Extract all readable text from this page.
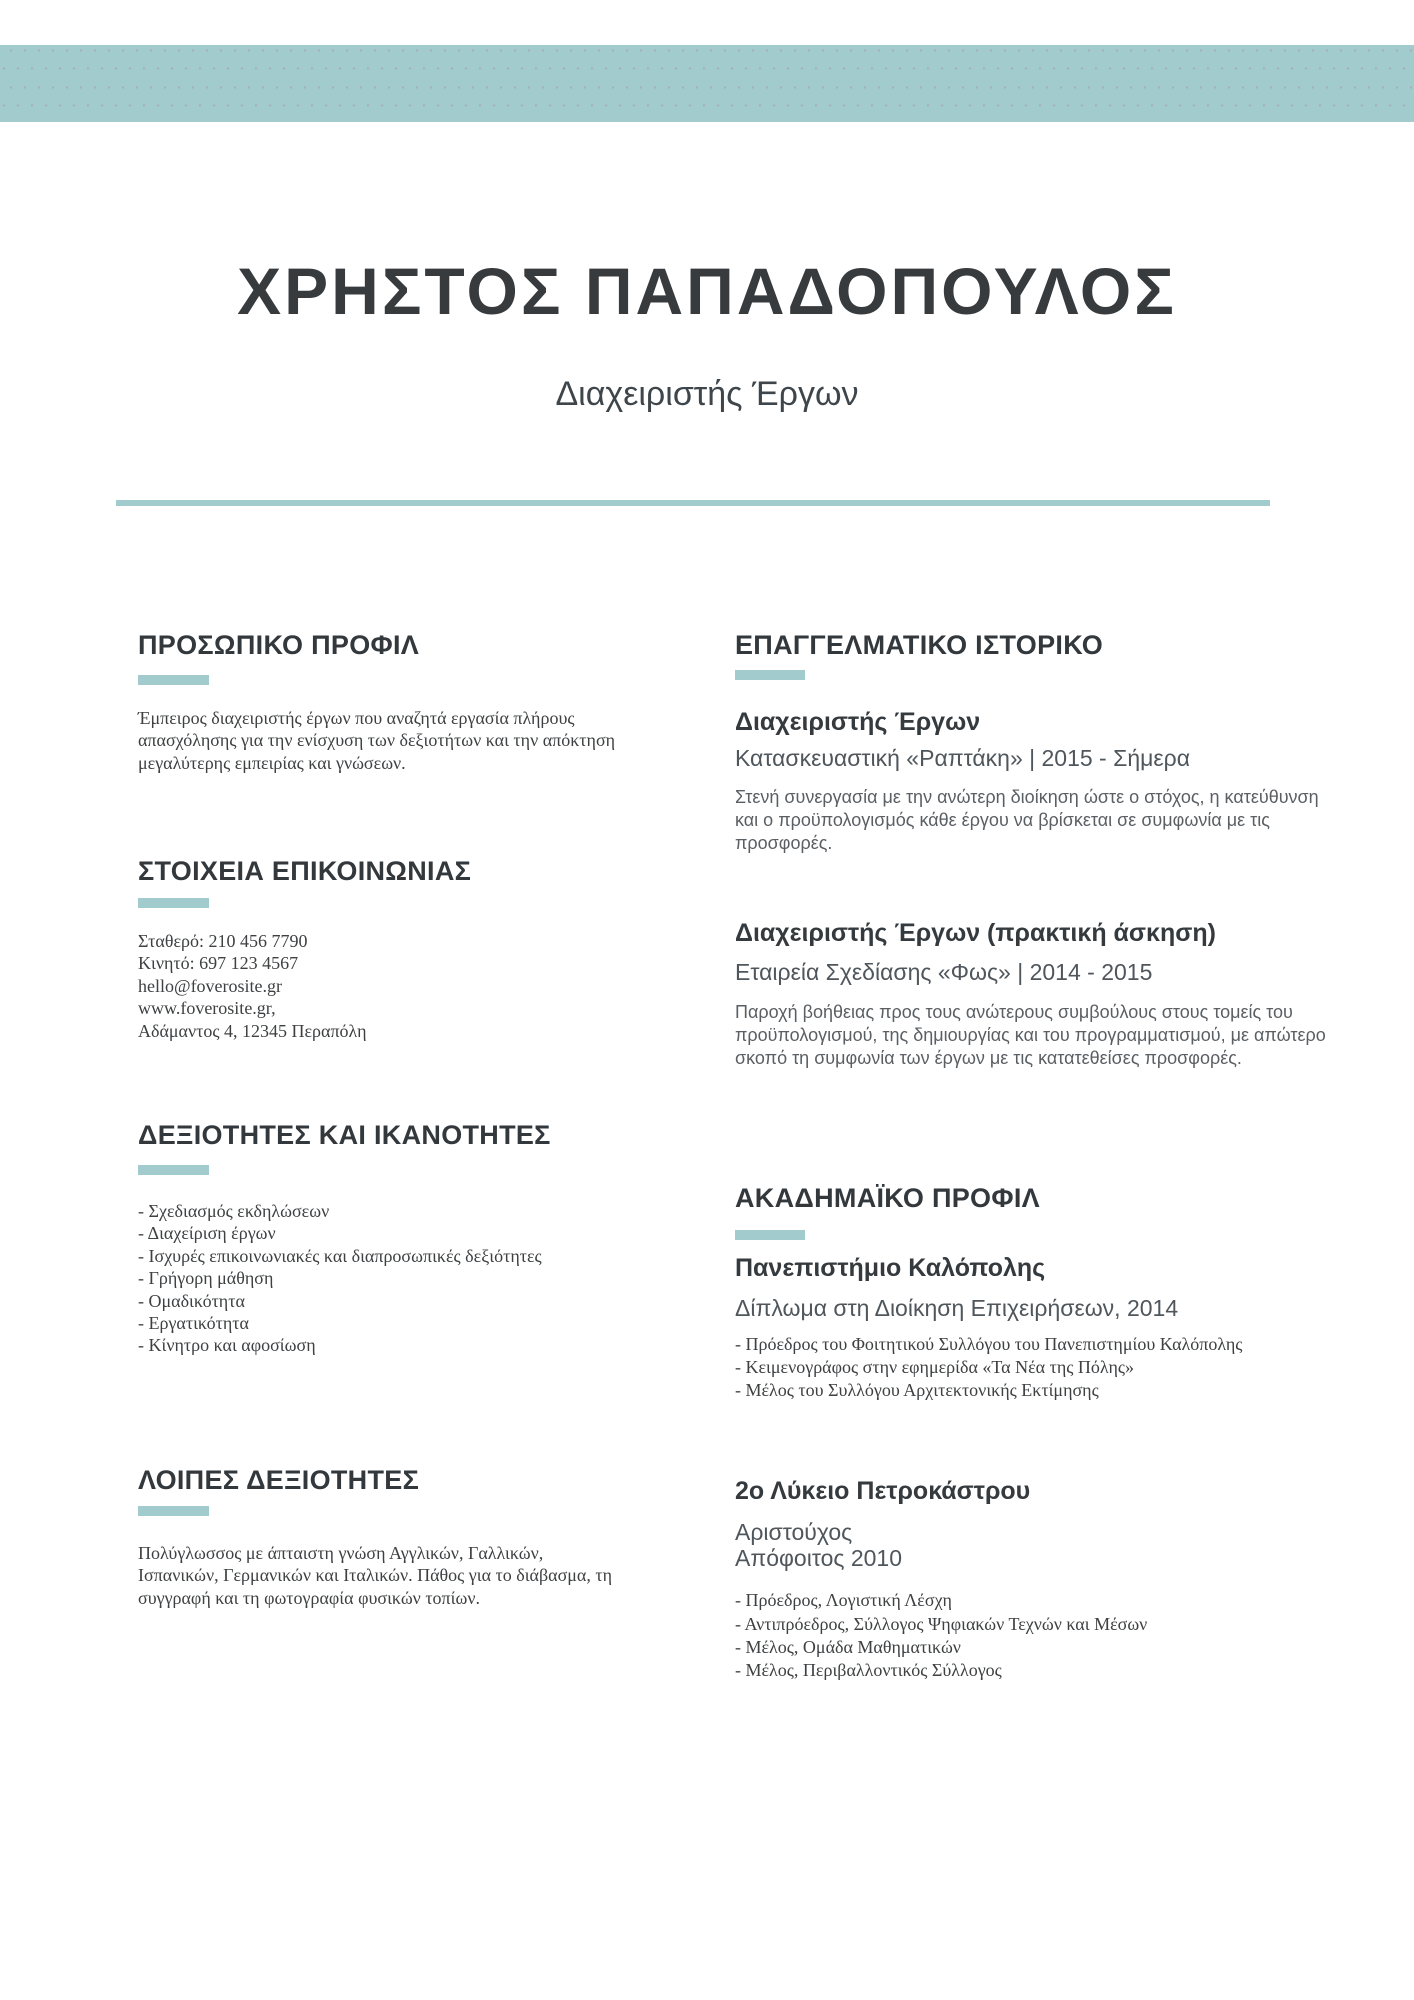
ΧΡΗΣΤΟΣ ΠΑΠΑΔΟΠΟΥΛΟΣ
Διαχειριστής Έργων
ΠΡΟΣΩΠΙΚΟ ΠΡΟΦΙΛ

Έμπειρος διαχειριστής έργων που αναζητά εργασία πλήρους απασχόλησης για την ενίσχυση των δεξιοτήτων και την απόκτηση μεγαλύτερης εμπειρίας και γνώσεων.

ΣΤΟΙΧΕΙΑ ΕΠΙΚΟΙΝΩΝΙΑΣ
Σταθερό: 210 456 7790
Κινητό: 697 123 4567
hello@foverosite.gr
www.foverosite.gr,
Αδάμαντος 4, 12345 Περαπόλη
ΔΕΞΙΟΤΗΤΕΣ ΚΑΙ ΙΚΑΝΟΤΗΤΕΣ
- Σχεδιασμός εκδηλώσεων
- Διαχείριση έργων
- Ισχυρές επικοινωνιακές και διαπροσωπικές δεξιότητες
- Γρήγορη μάθηση
- Ομαδικότητα
- Εργατικότητα
- Κίνητρο και αφοσίωση
ΛΟΙΠΕΣ ΔΕΞΙΟΤΗΤΕΣ

Πολύγλωσσος με άπταιστη γνώση Αγγλικών, Γαλλικών, Ισπανικών, Γερμανικών και Ιταλικών. Πάθος για το διάβασμα, τη συγγραφή και τη φωτογραφία φυσικών τοπίων.

ΕΠΑΓΓΕΛΜΑΤΙΚΟ ΙΣΤΟΡΙΚΟ
Διαχειριστής Έργων
Κατασκευαστική «Ραπτάκη» | 2015 - Σήμερα

Στενή συνεργασία με την ανώτερη διοίκηση ώστε ο στόχος, η κατεύθυνση και ο προϋπολογισμός κάθε έργου να βρίσκεται σε συμφωνία με τις προσφορές.

Διαχειριστής Έργων (πρακτική άσκηση)
Εταιρεία Σχεδίασης «Φως» | 2014 - 2015

Παροχή βοήθειας προς τους ανώτερους συμβούλους στους τομείς του προϋπολογισμού, της δημιουργίας και του προγραμματισμού, με απώτερο σκοπό τη συμφωνία των έργων με τις κατατεθείσες προσφορές.

ΑΚΑΔΗΜΑΪΚΟ ΠΡΟΦΙΛ
Πανεπιστήμιο Καλόπολης
Δίπλωμα στη Διοίκηση Επιχειρήσεων, 2014
- Πρόεδρος του Φοιτητικού Συλλόγου του Πανεπιστημίου Καλόπολης
- Κειμενογράφος στην εφημερίδα «Τα Νέα της Πόλης»
- Μέλος του Συλλόγου Αρχιτεκτονικής Εκτίμησης
2ο Λύκειο Πετροκάστρου
Αριστούχος
Απόφοιτος 2010
- Πρόεδρος, Λογιστική Λέσχη
- Αντιπρόεδρος, Σύλλογος Ψηφιακών Τεχνών και Μέσων
- Μέλος, Ομάδα Μαθηματικών
- Μέλος, Περιβαλλοντικός Σύλλογος
